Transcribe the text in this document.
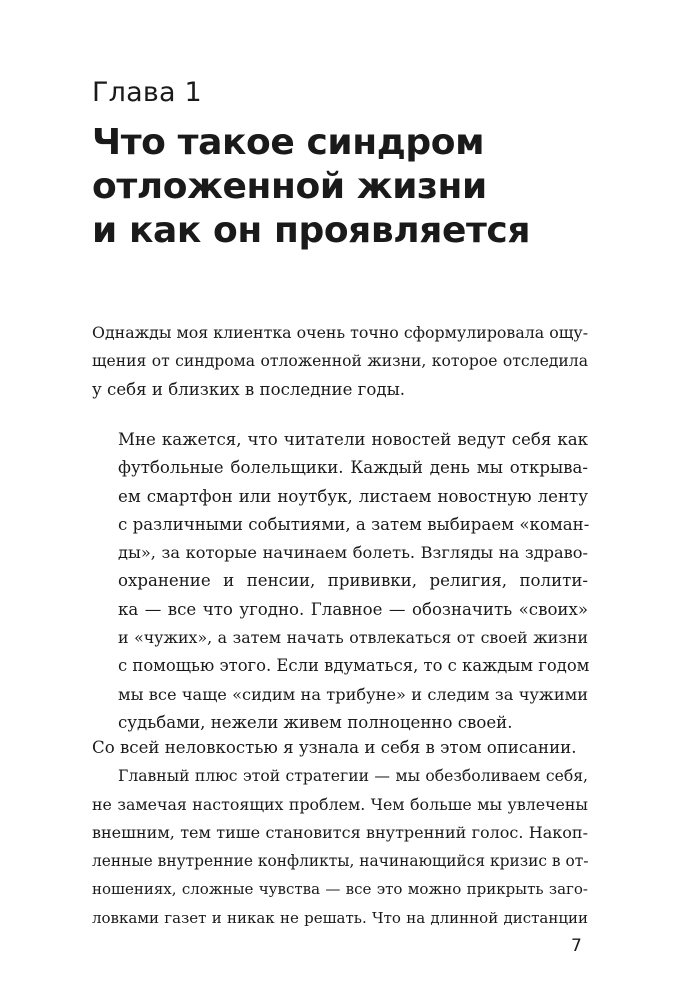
Глава 1

Что такое синдром
отложенной жизни
и как он проявляется
Однажды моя клиентка очень точно сформулировала ощу-
щения от синдрома отложенной жизни, которое отследила
у себя и близких в последние годы.
Мне кажется, что читатели новостей ведут себя как
футбольные болельщики. Каждый день мы открыва-
ем смартфон или ноутбук, листаем новостную ленту
с различными событиями, а затем выбираем «коман-
ды», за которые начинаем болеть. Взгляды на здраво-
охранение и пенсии, прививки, религия, полити-
ка — все что угодно. Главное — обозначить «своих»
и «чужих», а затем начать отвлекаться от своей жизни
с помощью этого. Если вдуматься, то с каждым годом
мы все чаще «сидим на трибуне» и следим за чужими
судьбами, нежели живем полноценно своей.
Со всей неловкостью я узнала и себя в этом описании.
Главный плюс этой стратегии — мы обезболиваем себя,
не замечая настоящих проблем. Чем больше мы увлечены
внешним, тем тише становится внутренний голос. Накоп-
ленные внутренние конфликты, начинающийся кризис в от-
ношениях, сложные чувства — все это можно прикрыть заго-
ловками газет и никак не решать. Что на длинной дистанции

7
